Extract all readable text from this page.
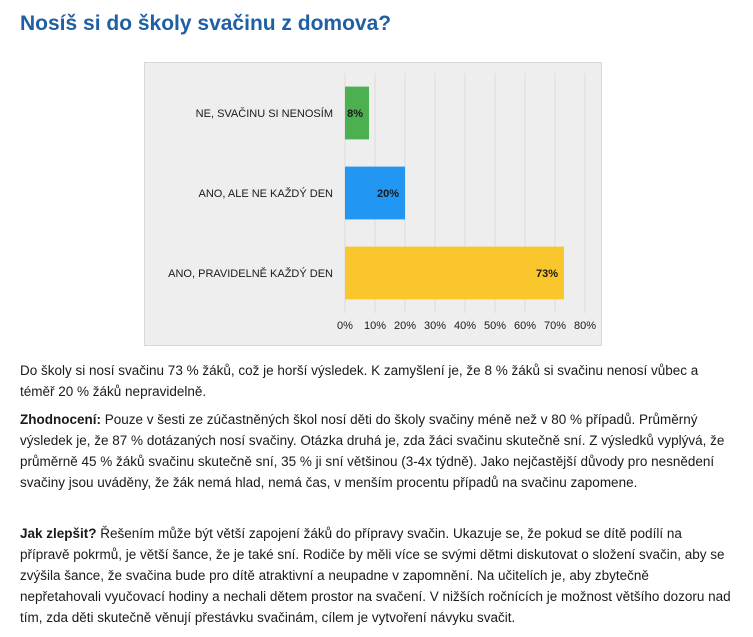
Nosíš si do školy svačinu z domova?
8%
20%
73%
NE, SVAČINU SI NENOSÍM
ANO, ALE NE KAŽDÝ DEN
ANO, PRAVIDELNĚ KAŽDÝ DEN
0% 10% 20% 30% 40% 50% 60% 70% 80%

Do školy si nosí svačinu 73 % žáků, což je horší výsledek. K zamyšlení je, že 8 % žáků si svačinu nenosí vůbec a téměř 20 % žáků nepravidelně.

Zhodnocení: Pouze v šesti ze zúčastněných škol nosí děti do školy svačiny méně než v 80 % případů. Průměrný výsledek je, že 87 % dotázaných nosí svačiny. Otázka druhá je, zda žáci svačinu skutečně sní. Z výsledků vyplývá, že průměrně 45 % žáků svačinu skutečně sní, 35 % ji sní většinou (3-4x týdně). Jako nejčastější důvody pro nesnědení svačiny jsou uváděny, že žák nemá hlad, nemá čas, v menším procentu případů na svačinu zapomene.

Jak zlepšit? Řešením může být větší zapojení žáků do přípravy svačin. Ukazuje se, že pokud se dítě podílí na přípravě pokrmů, je větší šance, že je také sní. Rodiče by měli více se svými dětmi diskutovat o složení svačin, aby se zvýšila šance, že svačina bude pro dítě atraktivní a neupadne v zapomnění. Na učitelích je, aby zbytečně nepřetahovali vyučovací hodiny a nechali dětem prostor na svačení. V nižších ročnících je možnost většího dozoru nad tím, zda děti skutečně věnují přestávku svačinám, cílem je vytvoření návyku svačit.
